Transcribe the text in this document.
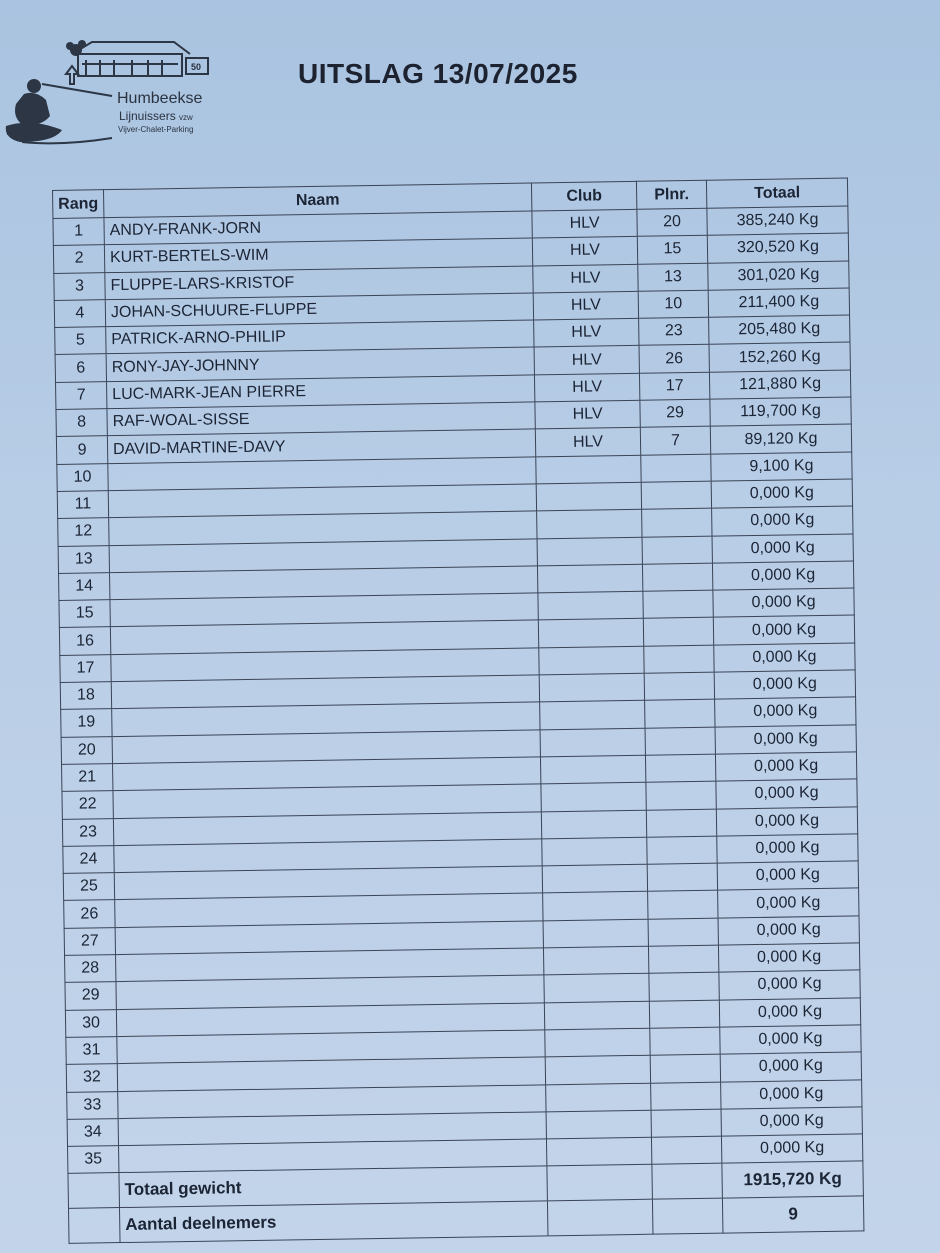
Humbeekse
Lijnuissers vzw
Vijver-Chalet-Parking
50	UITSLAG 13/07/2025
Rang	Naam	Club	Plnr.	Totaal
1	ANDY-FRANK-JORN	HLV	20	385,240 Kg
2	KURT-BERTELS-WIM	HLV	15	320,520 Kg
3	FLUPPE-LARS-KRISTOF	HLV	13	301,020 Kg
4	JOHAN-SCHUURE-FLUPPE	HLV	10	211,400 Kg
5	PATRICK-ARNO-PHILIP	HLV	23	205,480 Kg
6	RONY-JAY-JOHNNY	HLV	26	152,260 Kg
7	LUC-MARK-JEAN PIERRE	HLV	17	121,880 Kg
8	RAF-WOAL-SISSE	HLV	29	119,700 Kg
9	DAVID-MARTINE-DAVY	HLV	7	89,120 Kg
10				9,100 Kg
11				0,000 Kg
12				0,000 Kg
13				0,000 Kg
14				0,000 Kg
15				0,000 Kg
16				0,000 Kg
17				0,000 Kg
18				0,000 Kg
19				0,000 Kg
20				0,000 Kg
21				0,000 Kg
22				0,000 Kg
23				0,000 Kg
24				0,000 Kg
25				0,000 Kg
26				0,000 Kg
27				0,000 Kg
28				0,000 Kg
29				0,000 Kg
30				0,000 Kg
31				0,000 Kg
32				0,000 Kg
33				0,000 Kg
34				0,000 Kg
35				0,000 Kg
	Totaal gewicht			1915,720 Kg
	Aantal deelnemers			9
